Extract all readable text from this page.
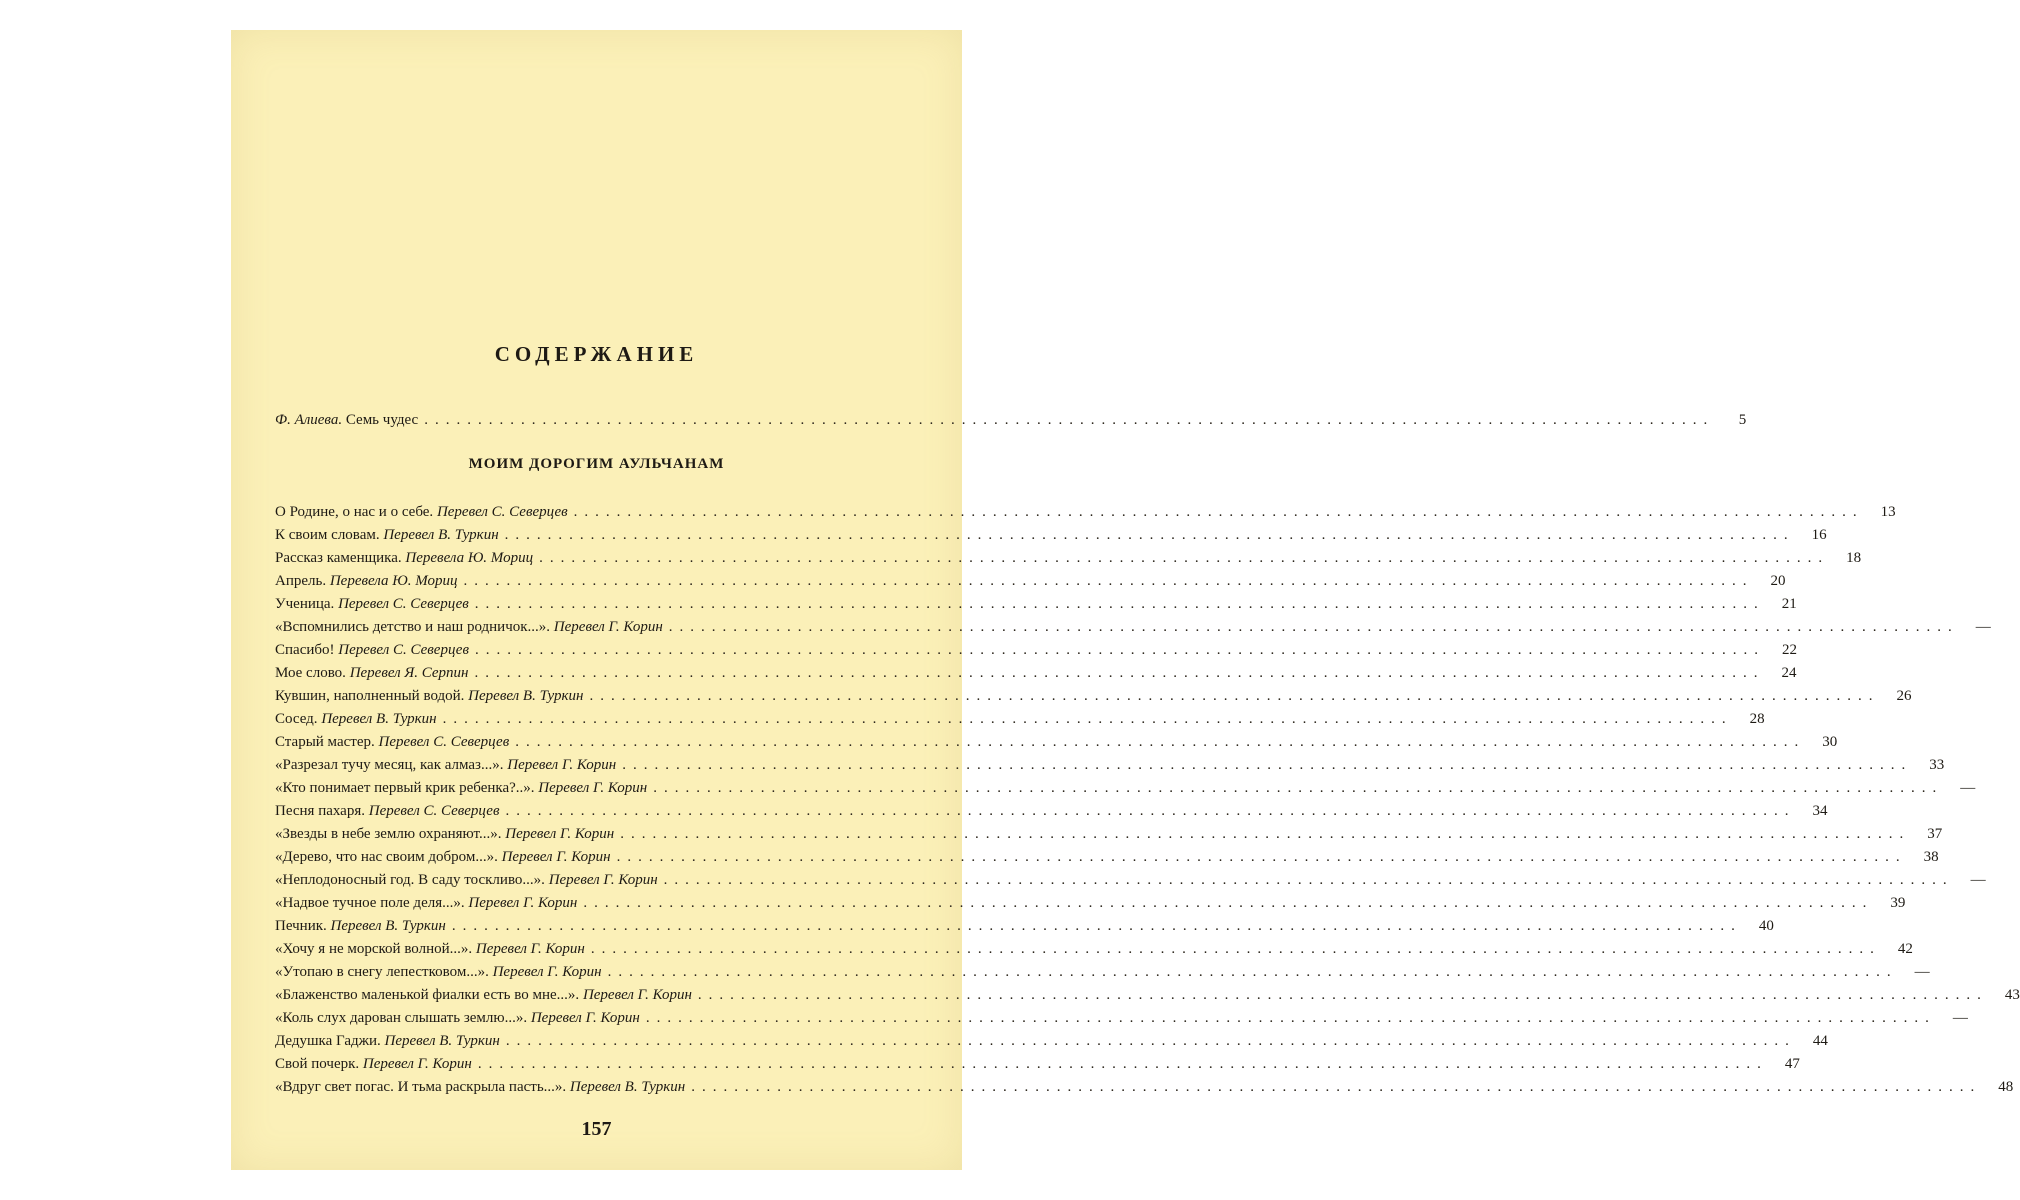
СОДЕРЖАНИЕ
Ф. Алиева. Семь чудес ........................................................................................................................	5
МОИМ ДОРОГИМ АУЛЬЧАНАМ
О Родине, о нас и о себе. Перевел С. Северцев ........................................................................................................................	13
К своим словам. Перевел В. Туркин ........................................................................................................................	16
Рассказ каменщика. Перевела Ю. Мориц ........................................................................................................................	18
Апрель. Перевела Ю. Мориц ........................................................................................................................	20
Ученица. Перевел С. Северцев ........................................................................................................................	21
«Вспомнились детство и наш родничок...». Перевел Г. Корин ........................................................................................................................	—
Спасибо! Перевел С. Северцев ........................................................................................................................	22
Мое слово. Перевел Я. Серпин ........................................................................................................................	24
Кувшин, наполненный водой. Перевел В. Туркин ........................................................................................................................	26
Сосед. Перевел В. Туркин ........................................................................................................................	28
Старый мастер. Перевел С. Северцев ........................................................................................................................	30
«Разрезал тучу месяц, как алмаз...». Перевел Г. Корин ........................................................................................................................	33
«Кто понимает первый крик ребенка?..». Перевел Г. Корин ........................................................................................................................	—
Песня пахаря. Перевел С. Северцев ........................................................................................................................	34
«Звезды в небе землю охраняют...». Перевел Г. Корин ........................................................................................................................	37
«Дерево, что нас своим добром...». Перевел Г. Корин ........................................................................................................................	38
«Неплодоносный год. В саду тоскливо...». Перевел Г. Корин ........................................................................................................................	—
«Надвое тучное поле деля...». Перевел Г. Корин ........................................................................................................................	39
Печник. Перевел В. Туркин ........................................................................................................................	40
«Хочу я не морской волной...». Перевел Г. Корин ........................................................................................................................	42
«Утопаю в снегу лепестковом...». Перевел Г. Корин ........................................................................................................................	—
«Блаженство маленькой фиалки есть во мне...». Перевел Г. Корин ........................................................................................................................	43
«Коль слух дарован слышать землю...». Перевел Г. Корин ........................................................................................................................	—
Дедушка Гаджи. Перевел В. Туркин ........................................................................................................................	44
Свой почерк. Перевел Г. Корин ........................................................................................................................	47
«Вдруг свет погас. И тьма раскрыла пасть...». Перевел В. Туркин ........................................................................................................................	48
157
